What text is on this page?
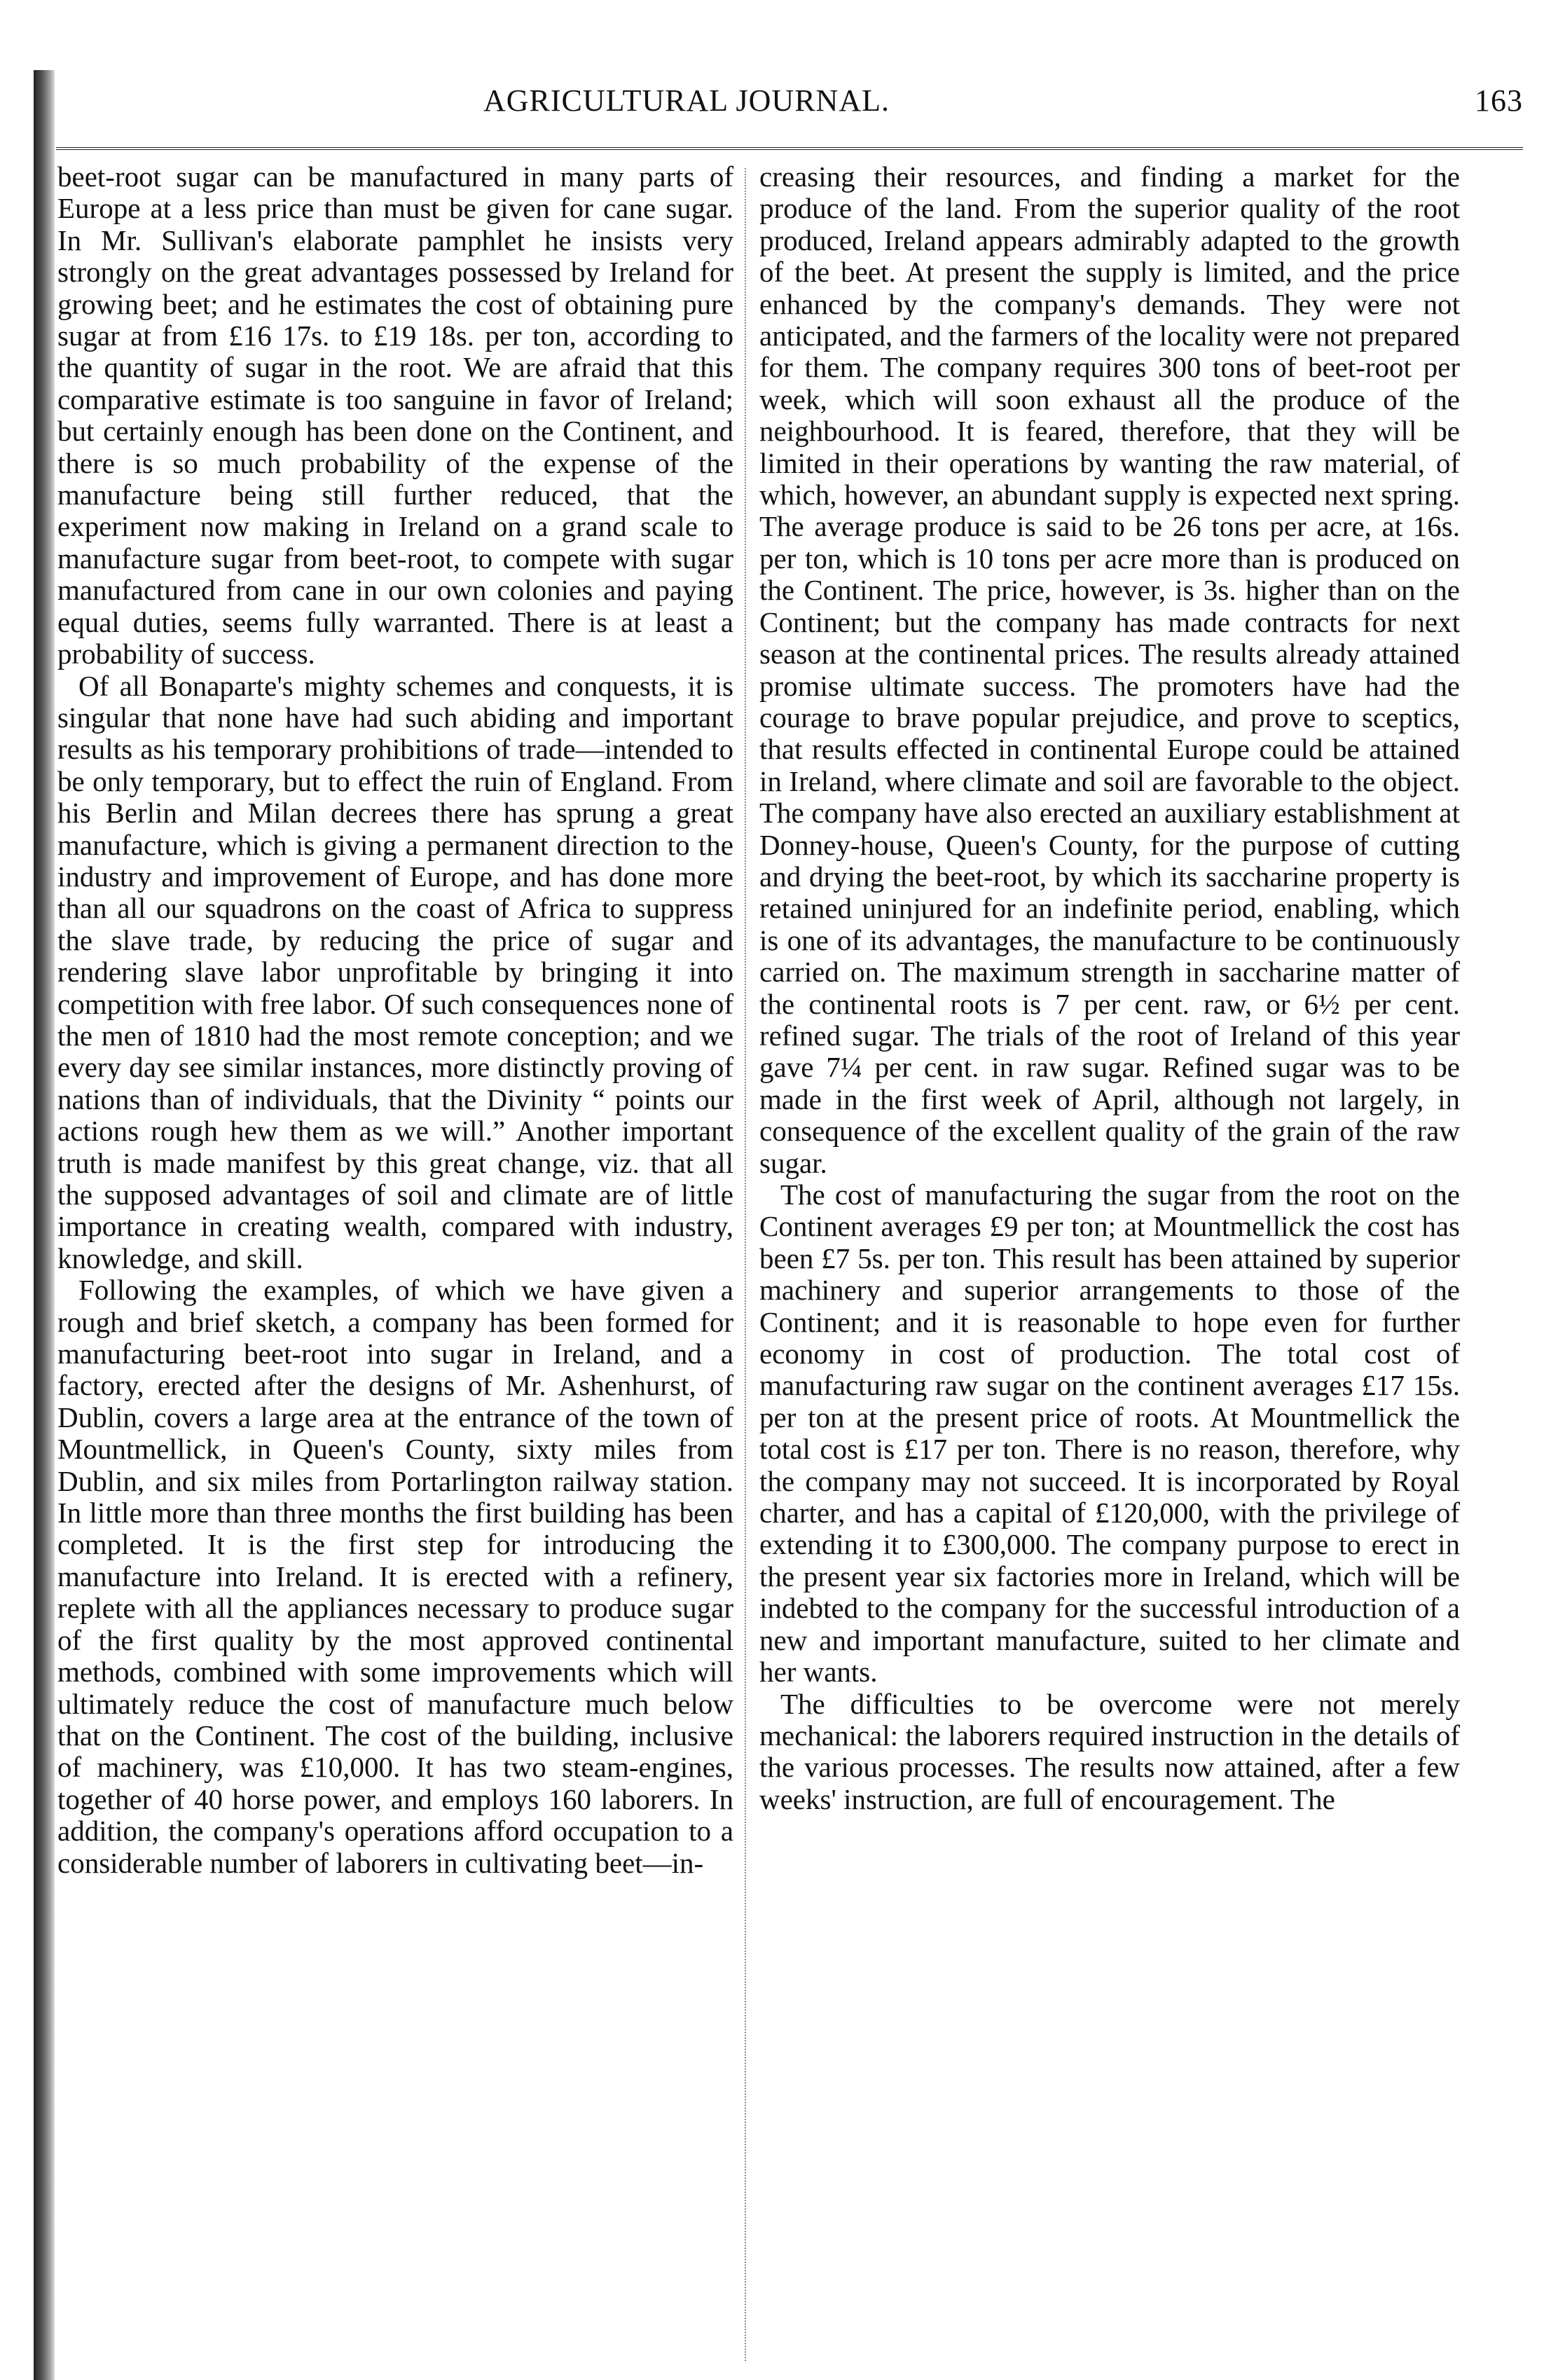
AGRICULTURAL JOURNAL.	163

beet-root sugar can be manufactured in many parts of Europe at a less price than must be given for cane sugar. In Mr. Sullivan's elaborate pamphlet he insists very strongly on the great advantages possessed by Ireland for growing beet; and he estimates the cost of obtaining pure sugar at from £16 17s. to £19 18s. per ton, according to the quantity of sugar in the root. We are afraid that this comparative estimate is too sanguine in favor of Ireland; but certainly enough has been done on the Continent, and there is so much probability of the expense of the manufacture being still further reduced, that the experiment now making in Ireland on a grand scale to manufacture sugar from beet-root, to compete with sugar manufactured from cane in our own colonies and paying equal duties, seems fully warranted. There is at least a probability of success.

Of all Bonaparte's mighty schemes and conquests, it is singular that none have had such abiding and important results as his temporary prohibitions of trade—intended to be only temporary, but to effect the ruin of England. From his Berlin and Milan decrees there has sprung a great manufacture, which is giving a permanent direction to the industry and improvement of Europe, and has done more than all our squadrons on the coast of Africa to suppress the slave trade, by reducing the price of sugar and rendering slave labor unprofitable by bringing it into competition with free labor. Of such consequences none of the men of 1810 had the most remote conception; and we every day see similar instances, more distinctly proving of nations than of individuals, that the Divinity “ points our actions rough hew them as we will.” Another important truth is made manifest by this great change, viz. that all the supposed advantages of soil and climate are of little importance in creating wealth, compared with industry, knowledge, and skill.

Following the examples, of which we have given a rough and brief sketch, a company has been formed for manufacturing beet-root into sugar in Ireland, and a factory, erected after the designs of Mr. Ashenhurst, of Dublin, covers a large area at the entrance of the town of Mountmellick, in Queen's County, sixty miles from Dublin, and six miles from Portarlington railway station. In little more than three months the first building has been completed. It is the first step for introducing the manufacture into Ireland. It is erected with a refinery, replete with all the appliances necessary to produce sugar of the first quality by the most approved continental methods, combined with some improvements which will ultimately reduce the cost of manufacture much below that on the Continent. The cost of the building, inclusive of machinery, was £10,000. It has two steam-engines, together of 40 horse power, and employs 160 laborers. In addition, the company's operations afford occupation to a considerable number of laborers in cultivating beet—in-

creasing their resources, and finding a market for the produce of the land. From the superior quality of the root produced, Ireland appears admirably adapted to the growth of the beet. At present the supply is limited, and the price enhanced by the company's demands. They were not anticipated, and the farmers of the locality were not prepared for them. The company requires 300 tons of beet-root per week, which will soon exhaust all the produce of the neighbourhood. It is feared, therefore, that they will be limited in their operations by wanting the raw material, of which, however, an abundant supply is expected next spring. The average produce is said to be 26 tons per acre, at 16s. per ton, which is 10 tons per acre more than is produced on the Continent. The price, however, is 3s. higher than on the Continent; but the company has made contracts for next season at the continental prices. The results already attained promise ultimate success. The promoters have had the courage to brave popular prejudice, and prove to sceptics, that results effected in continental Europe could be attained in Ireland, where climate and soil are favorable to the object. The company have also erected an auxiliary establishment at Donney-house, Queen's County, for the purpose of cutting and drying the beet-root, by which its saccharine property is retained uninjured for an indefinite period, enabling, which is one of its advantages, the manufacture to be continuously carried on. The maximum strength in saccharine matter of the continental roots is 7 per cent. raw, or 6½ per cent. refined sugar. The trials of the root of Ireland of this year gave 7¼ per cent. in raw sugar. Refined sugar was to be made in the first week of April, although not largely, in consequence of the excellent quality of the grain of the raw sugar.

The cost of manufacturing the sugar from the root on the Continent averages £9 per ton; at Mountmellick the cost has been £7 5s. per ton. This result has been attained by superior machinery and superior arrangements to those of the Continent; and it is reasonable to hope even for further economy in cost of production. The total cost of manufacturing raw sugar on the continent averages £17 15s. per ton at the present price of roots. At Mountmellick the total cost is £17 per ton. There is no reason, therefore, why the company may not succeed. It is incorporated by Royal charter, and has a capital of £120,000, with the privilege of extending it to £300,000. The company purpose to erect in the present year six factories more in Ireland, which will be indebted to the company for the successful introduction of a new and important manufacture, suited to her climate and her wants.

The difficulties to be overcome were not merely mechanical: the laborers required instruction in the details of the various processes. The results now attained, after a few weeks' instruction, are full of encouragement. The
